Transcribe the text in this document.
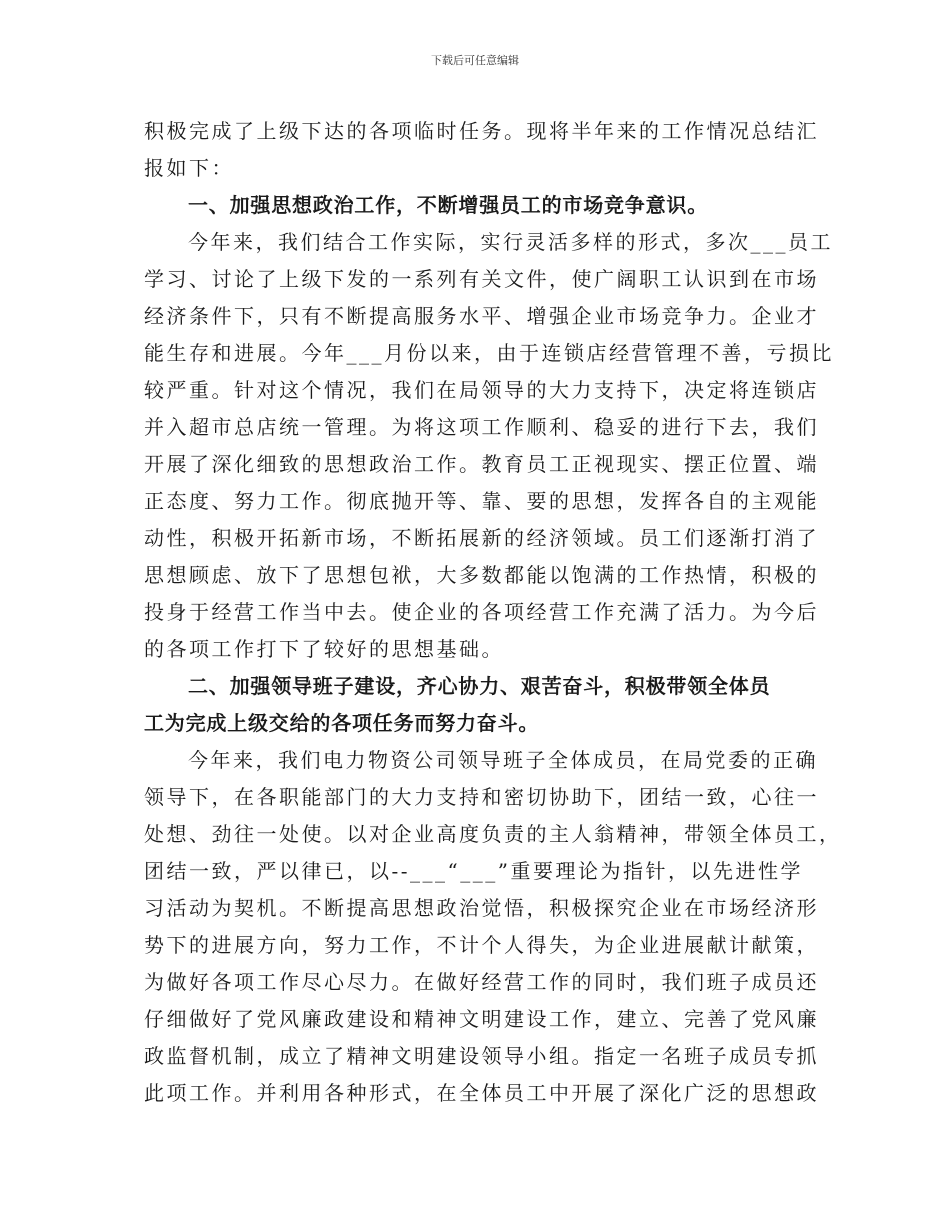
下载后可任意编辑
积极完成了上级下达的各项临时任务。现将半年来的工作情况总结汇
报如下：
一、加强思想政治工作，不断增强员工的市场竞争意识。
今年来，我们结合工作实际，实行灵活多样的形式，多次___员工
学习、讨论了上级下发的一系列有关文件，使广阔职工认识到在市场
经济条件下，只有不断提高服务水平、增强企业市场竞争力。企业才
能生存和进展。今年___月份以来，由于连锁店经营管理不善，亏损比
较严重。针对这个情况，我们在局领导的大力支持下，决定将连锁店
并入超市总店统一管理。为将这项工作顺利、稳妥的进行下去，我们
开展了深化细致的思想政治工作。教育员工正视现实、摆正位置、端
正态度、努力工作。彻底抛开等、靠、要的思想，发挥各自的主观能
动性，积极开拓新市场，不断拓展新的经济领域。员工们逐渐打消了
思想顾虑、放下了思想包袱，大多数都能以饱满的工作热情，积极的
投身于经营工作当中去。使企业的各项经营工作充满了活力。为今后
的各项工作打下了较好的思想基础。
二、加强领导班子建设，齐心协力、艰苦奋斗，积极带领全体员
工为完成上级交给的各项任务而努力奋斗。
今年来，我们电力物资公司领导班子全体成员，在局党委的正确
领导下，在各职能部门的大力支持和密切协助下，团结一致，心往一
处想、劲往一处使。以对企业高度负责的主人翁精神，带领全体员工，
团结一致，严以律已，以--___“___”重要理论为指针，以先进性学
习活动为契机。不断提高思想政治觉悟，积极探究企业在市场经济形
势下的进展方向，努力工作，不计个人得失，为企业进展献计献策，
为做好各项工作尽心尽力。在做好经营工作的同时，我们班子成员还
仔细做好了党风廉政建设和精神文明建设工作，建立、完善了党风廉
政监督机制，成立了精神文明建设领导小组。指定一名班子成员专抓
此项工作。并利用各种形式，在全体员工中开展了深化广泛的思想政
